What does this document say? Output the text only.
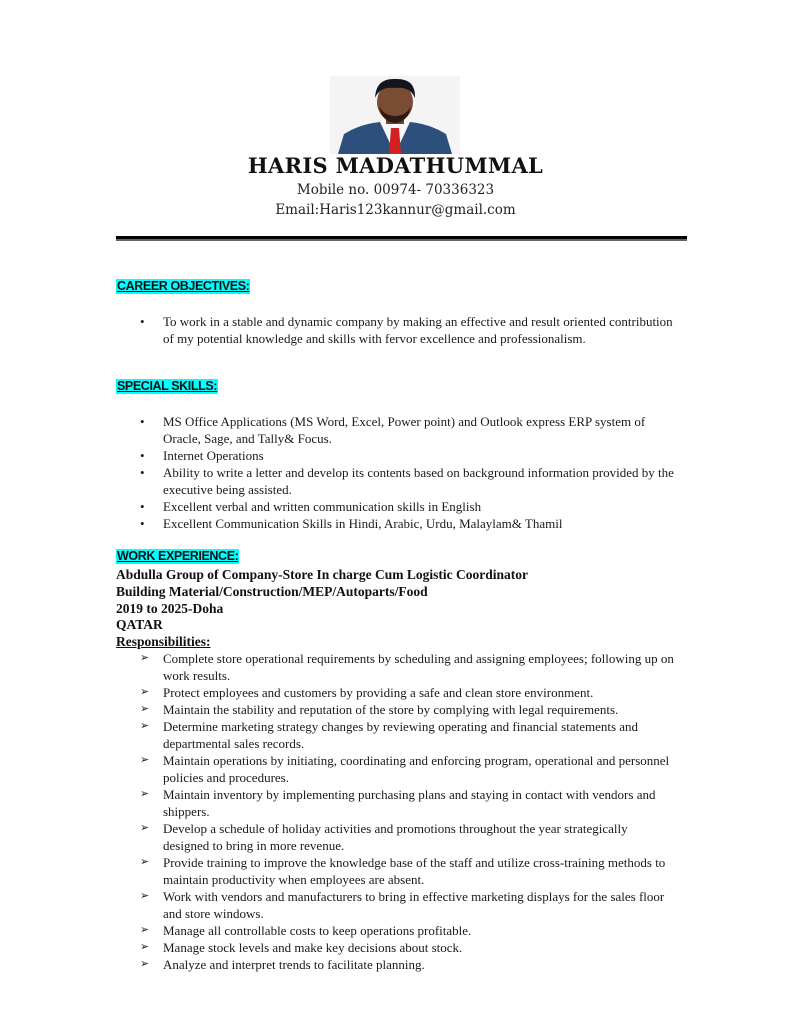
HARIS MADATHUMMAL
Mobile no. 00974- 70336323
Email:Haris123kannur@gmail.com
CAREER OBJECTIVES:
• To work in a stable and dynamic company by making an effective and result oriented contribution of my potential knowledge and skills with fervor excellence and professionalism.
SPECIAL SKILLS:
• MS Office Applications (MS Word, Excel, Power point) and Outlook express ERP system of Oracle, Sage, and Tally& Focus.
• Internet Operations
• Ability to write a letter and develop its contents based on background information provided by the executive being assisted.
• Excellent verbal and written communication skills in English
• Excellent Communication Skills in Hindi, Arabic, Urdu, Malaylam& Thamil
WORK EXPERIENCE:
Abdulla Group of Company-Store In charge Cum Logistic Coordinator
Building Material/Construction/MEP/Autoparts/Food
2019 to 2025-Doha
QATAR
Responsibilities:
➢ Complete store operational requirements by scheduling and assigning employees; following up on work results.
➢ Protect employees and customers by providing a safe and clean store environment.
➢ Maintain the stability and reputation of the store by complying with legal requirements.
➢ Determine marketing strategy changes by reviewing operating and financial statements and departmental sales records.
➢ Maintain operations by initiating, coordinating and enforcing program, operational and personnel policies and procedures.
➢ Maintain inventory by implementing purchasing plans and staying in contact with vendors and shippers.
➢ Develop a schedule of holiday activities and promotions throughout the year strategically designed to bring in more revenue.
➢ Provide training to improve the knowledge base of the staff and utilize cross-training methods to maintain productivity when employees are absent.
➢ Work with vendors and manufacturers to bring in effective marketing displays for the sales floor and store windows.
➢ Manage all controllable costs to keep operations profitable.
➢ Manage stock levels and make key decisions about stock.
➢ Analyze and interpret trends to facilitate planning.
